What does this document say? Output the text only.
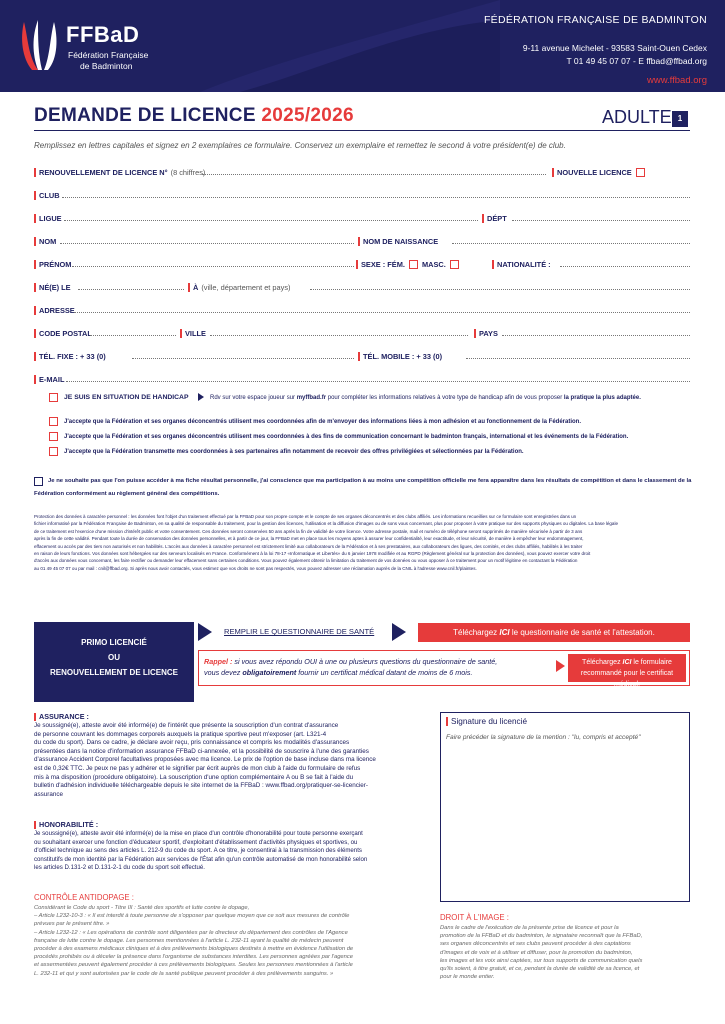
FFBaD
Fédération Française
de Badminton
FÉDÉRATION FRANÇAISE DE BADMINTON
9-11 avenue Michelet - 93583 Saint-Ouen Cedex
T 01 49 45 07 07 - E ffbad@ffbad.org
www.ffbad.org
DEMANDE DE LICENCE 2025/2026	ADULTE 1
Remplissez en lettres capitales et signez en 2 exemplaires ce formulaire. Conservez un exemplaire et remettez le second à votre président(e) de club.
RENOUVELLEMENT DE LICENCE N° (8 chiffres)	NOUVELLE LICENCE
CLUB
LIGUE	DÉPT
NOM	NOM DE NAISSANCE
PRÉNOM	SEXE : FÉM. MASC.	NATIONALITÉ :
NÉ(E) LE	À (ville, département et pays)
ADRESSE
CODE POSTAL	VILLE	PAYS
TÉL. FIXE : + 33 (0)	TÉL. MOBILE : + 33 (0)
E-MAIL
JE SUIS EN SITUATION DE HANDICAP	Rdv sur votre espace joueur sur myffbad.fr pour compléter les informations relatives à votre type de handicap afin de vous proposer la pratique la plus adaptée.
J'accepte que la Fédération et ses organes déconcentrés utilisent mes coordonnées afin de m'envoyer des informations liées à mon adhésion et au fonctionnement de la Fédération.
J'accepte que la Fédération et ses organes déconcentrés utilisent mes coordonnées à des fins de communication concernant le badminton français, international et les événements de la Fédération.
J'accepte que la Fédération transmette mes coordonnées à ses partenaires afin notamment de recevoir des offres privilégiées et sélectionnées par la Fédération.
Je ne souhaite pas que l'on puisse accéder à ma fiche résultat personnelle, j'ai conscience que ma participation à au moins une compétition officielle me fera apparaître dans les résultats de compétition et dans le classement de la
Fédération conformément au règlement général des compétitions.
Protection des données à caractère personnel : les données font l'objet d'un traitement effectué par la FFBaD pour son propre compte et le compte de ses organes déconcentrés et des clubs affiliés. Les informations recueillies sur ce formulaire sont enregistrées dans un
fichier informatisé par la Fédération Française de Badminton, en sa qualité de responsable du traitement, pour la gestion des licences, l'utilisation et la diffusion d'images ou de sons vous concernant, plus pour proposer à votre pratique sur des supports physiques ou digitales. La base légale
de ce traitement est l'exercice d'une mission d'intérêt public et votre consentement. Ces données seront conservées 50 ans après la fin de validité de votre licence. Votre adresse postale, mail et numéro de téléphone seront supprimés de manière sécurisée à partir de 3 ans
après la fin de cette validité. Pendant toute la durée de conservation des données personnelles, et à partir de ce jour, la FFBaD met en place tous les moyens aptes à assurer leur confidentialité, leur exactitude, et leur sécurité, de manière à empêcher leur endommagement,
effacement ou accès par des tiers non autorisés et non habilités. L'accès aux données à caractère personnel est strictement limité aux collaborateurs de la Fédération et à ses prestataires, aux collaborateurs des ligues, des comités, et des clubs affiliés, habilités à les traiter
en raison de leurs fonctions. Vos données sont hébergées sur des serveurs localisés en France. Conformément à la loi 78-17 «Informatique et Libertés» du 6 janvier 1978 modifiée et au RGPD (Règlement général sur la protection des données), vous pouvez exercer votre droit
d'accès aux données vous concernant, les faire rectifier ou demander leur effacement sans certaines conditions. Vous pouvez également obtenir la limitation du traitement de vos données ou vous opposer à ce traitement pour un motif légitime en contactant la Fédération
au 01 49 45 07 07 ou par mail : cnil@ffbad.org. Si après nous avoir contactés, vous estimez que vos droits ne sont pas respectés, vous pouvez adresser une réclamation auprès de la CNIL à l'adresse www.cnil.fr/plaintes.
PRIMO LICENCIÉ
OU
RENOUVELLEMENT DE LICENCE
REMPLIR LE QUESTIONNAIRE DE SANTÉ	Téléchargez ICI le questionnaire de santé et l'attestation.
Rappel : si vous avez répondu OUI à une ou plusieurs questions du questionnaire de santé,
vous devez obligatoirement fournir un certificat médical datant de moins de 6 mois.
Téléchargez ICI le formulaire
recommandé pour le certificat médical.
ASSURANCE :
Je soussigné(e), atteste avoir été informé(e) de l'intérêt que présente la souscription d'un contrat d'assurance
de personne couvrant les dommages corporels auxquels la pratique sportive peut m'exposer (art. L321-4
du code du sport). Dans ce cadre, je déclare avoir reçu, pris connaissance et compris les modalités d'assurances
présentées dans la notice d'information assurance FFBaD ci-annexée, et la possibilité de souscrire à l'une des garanties
d'assurance Accident Corporel facultatives proposées avec ma licence. Le prix de l'option de base incluse dans ma licence
est de 0,32€ TTC. Je peux ne pas y adhérer et le signifier par écrit auprès de mon club à l'aide du formulaire de refus
mis à ma disposition (procédure obligatoire). La souscription d'une option complémentaire A ou B se fait à l'aide du
bulletin d'adhésion individuelle téléchargeable depuis le site internet de la FFBaD : www.ffbad.org/pratiquer-se-licencier-
assurance
HONORABILITÉ :
Je soussigné(e), atteste avoir été informé(e) de la mise en place d'un contrôle d'honorabilité pour toute personne exerçant
ou souhaitant exercer une fonction d'éducateur sportif, d'exploitant d'établissement d'activités physiques et sportives, ou
d'officiel technique au sens des articles L. 212-9 du code du sport. A ce titre, je consentirai à la transmission des éléments
constitutifs de mon identité par la Fédération aux services de l'État afin qu'un contrôle automatisé de mon honorabilité selon
les articles D.131-2 et D.131-2-1 du code du sport soit effectué.
CONTRÔLE ANTIDOPAGE :
Considérant le Code du sport - Titre III : Santé des sportifs et lutte contre le dopage,
– Article L232-10-3 : « Il est interdit à toute personne de s'opposer par quelque moyen que ce soit aux mesures de contrôle
prévues par le présent titre. »
– Article L232-12 : « Les opérations de contrôle sont diligentées par le directeur du département des contrôles de l'Agence
française de lutte contre le dopage. Les personnes mentionnées à l'article L. 232-11 ayant la qualité de médecin peuvent
procéder à des examens médicaux cliniques et à des prélèvements biologiques destinés à mettre en évidence l'utilisation de
procédés prohibés ou à déceler la présence dans l'organisme de substances interdites. Les personnes agréées par l'agence
et assermentées peuvent également procéder à ces prélèvements biologiques. Seules les personnes mentionnées à l'article
L. 232-11 et qui y sont autorisées par le code de la santé publique peuvent procéder à des prélèvements sanguins. »
Signature du licencié
Faire précéder la signature de la mention : "lu, compris et accepté"
DROIT À L'IMAGE :
Dans le cadre de l'exécution de la présente prise de licence et pour la
promotion de la FFBaD et du badminton, le signataire reconnaît que la FFBaD,
ses organes déconcentrés et ses clubs peuvent procéder à des captations
d'images et de voix et à utiliser et diffuser, pour la promotion du badminton,
les images et les voix ainsi captées, sur tous supports de communication quels
qu'ils soient, à titre gratuit, et ce, pendant la durée de validité de sa licence, et
pour le monde entier.
